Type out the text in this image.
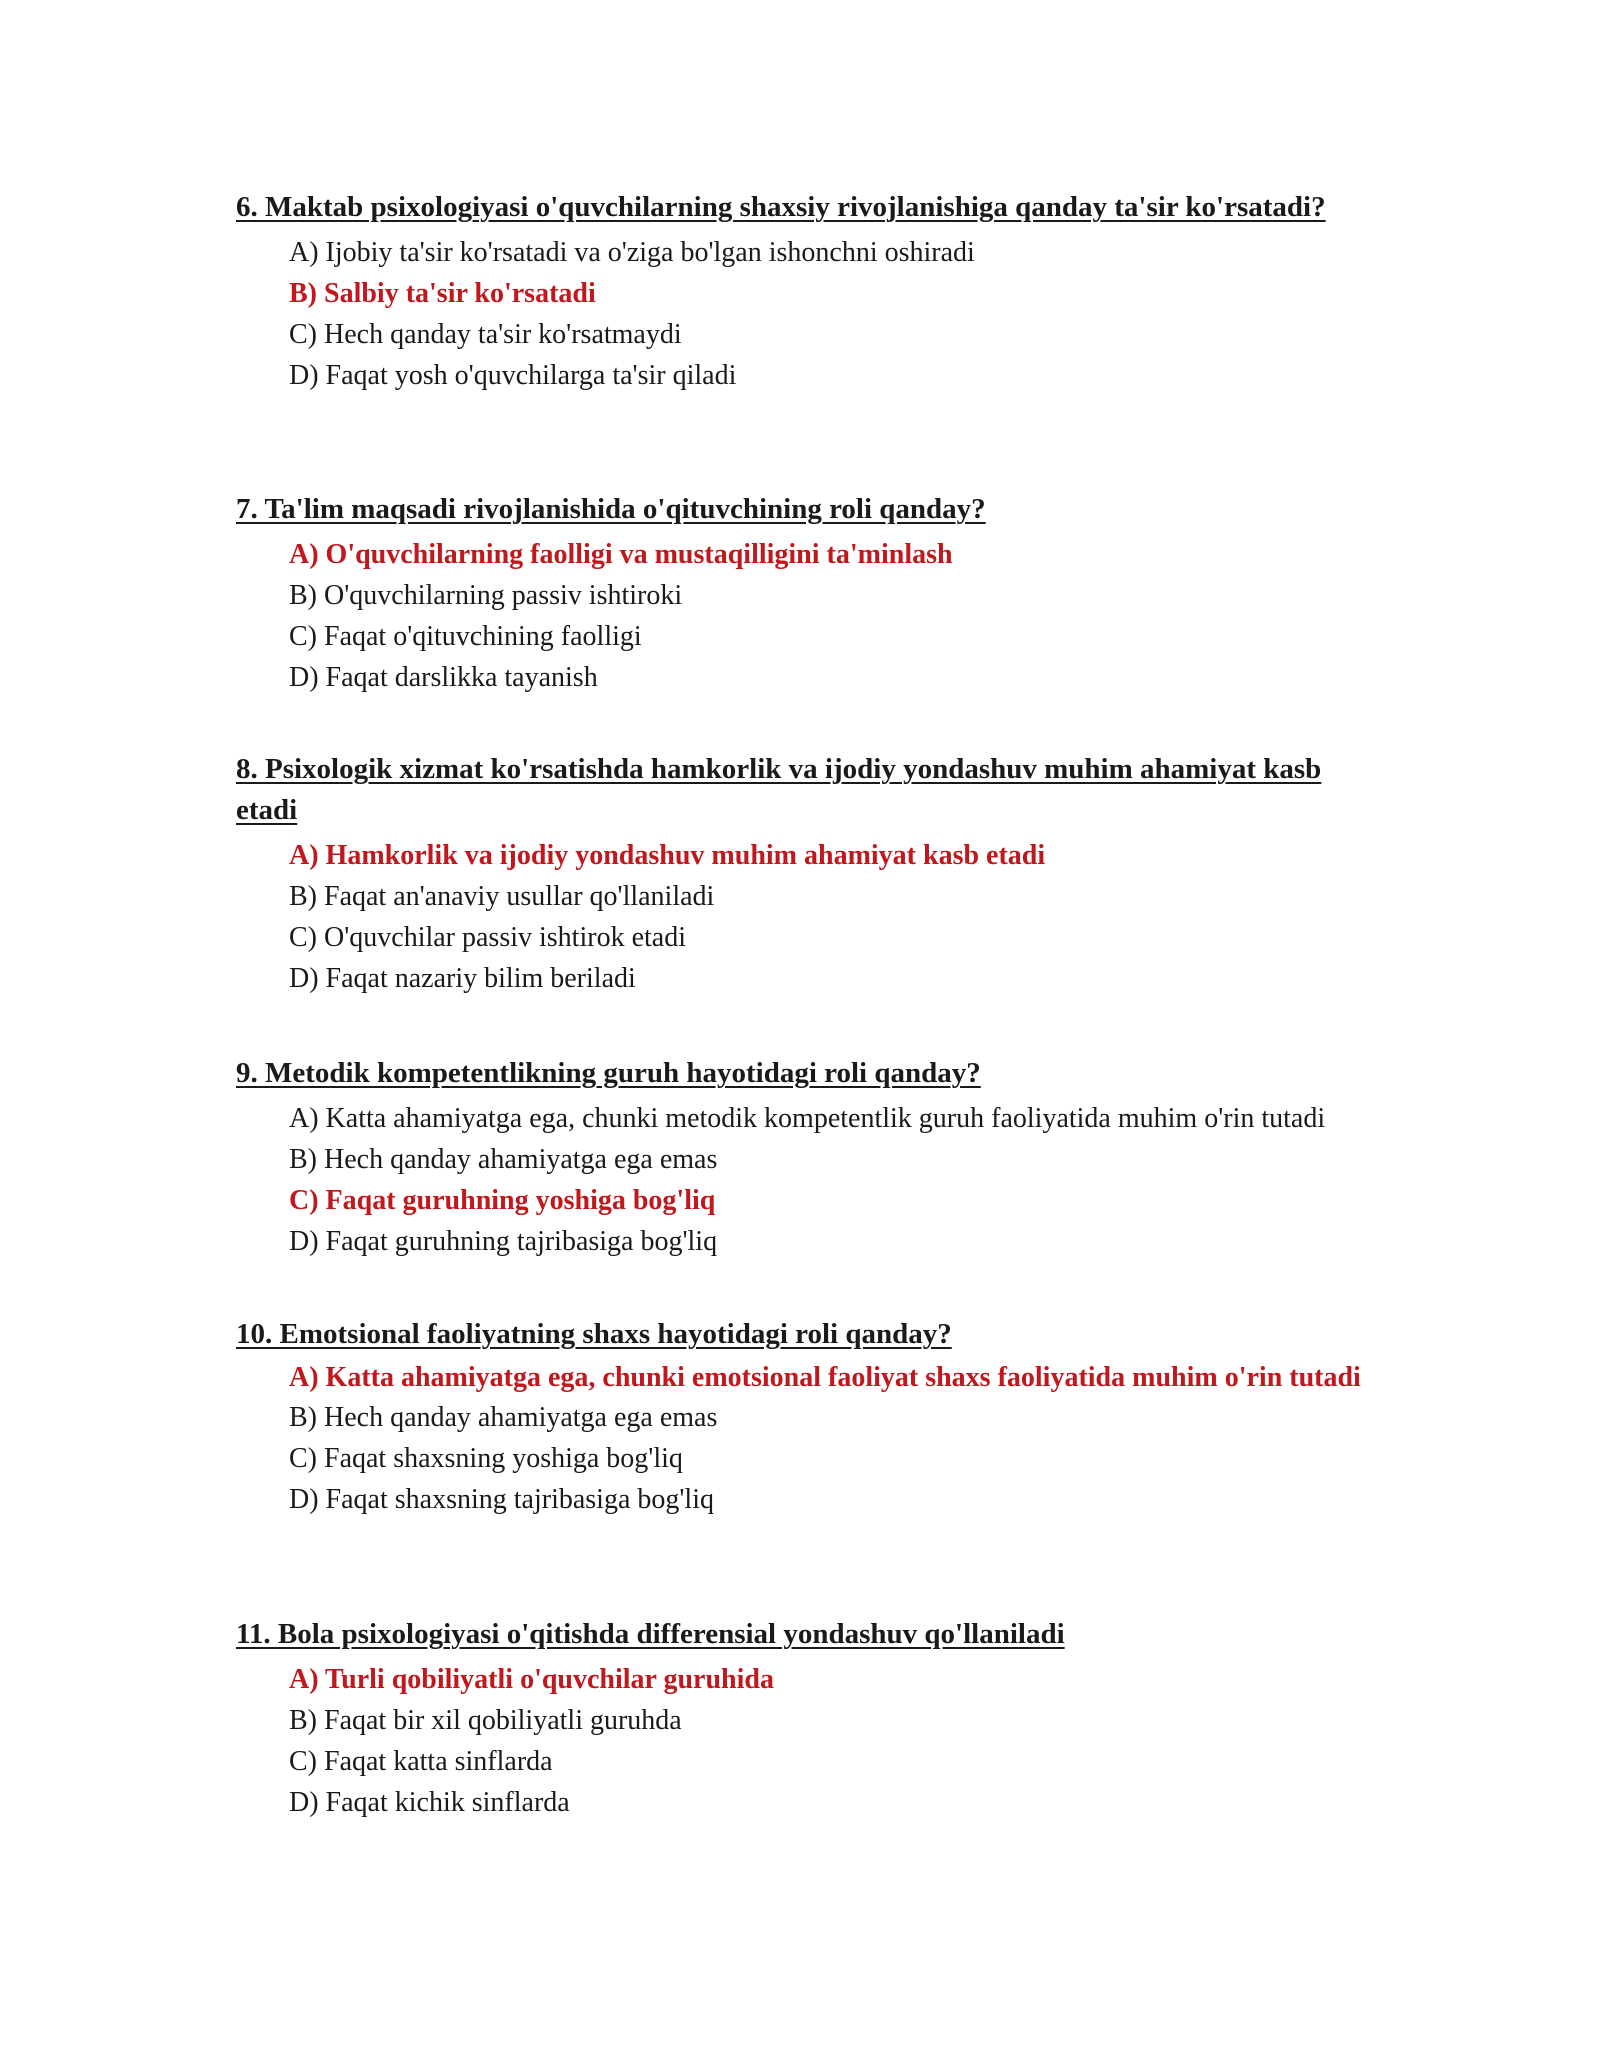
6. Maktab psixologiyasi o'quvchilarning shaxsiy rivojlanishiga qanday ta'sir ko'rsatadi?
A) Ijobiy ta'sir ko'rsatadi va o'ziga bo'lgan ishonchni oshiradi
B) Salbiy ta'sir ko'rsatadi
C) Hech qanday ta'sir ko'rsatmaydi
D) Faqat yosh o'quvchilarga ta'sir qiladi
7. Ta'lim maqsadi rivojlanishida o'qituvchining roli qanday?
A) O'quvchilarning faolligi va mustaqilligini ta'minlash
B) O'quvchilarning passiv ishtiroki
C) Faqat o'qituvchining faolligi
D) Faqat darslikka tayanish
8. Psixologik xizmat ko'rsatishda hamkorlik va ijodiy yondashuv muhim ahamiyat kasb etadi
A) Hamkorlik va ijodiy yondashuv muhim ahamiyat kasb etadi
B) Faqat an'anaviy usullar qo'llaniladi
C) O'quvchilar passiv ishtirok etadi
D) Faqat nazariy bilim beriladi
9. Metodik kompetentlikning guruh hayotidagi roli qanday?
A) Katta ahamiyatga ega, chunki metodik kompetentlik guruh faoliyatida muhim o'rin tutadi
B) Hech qanday ahamiyatga ega emas
C) Faqat guruhning yoshiga bog'liq
D) Faqat guruhning tajribasiga bog'liq
10. Emotsional faoliyatning shaxs hayotidagi roli qanday?
A) Katta ahamiyatga ega, chunki emotsional faoliyat shaxs faoliyatida muhim o'rin tutadi
B) Hech qanday ahamiyatga ega emas
C) Faqat shaxsning yoshiga bog'liq
D) Faqat shaxsning tajribasiga bog'liq
11. Bola psixologiyasi o'qitishda differensial yondashuv qo'llaniladi
A) Turli qobiliyatli o'quvchilar guruhida
B) Faqat bir xil qobiliyatli guruhda
C) Faqat katta sinflarda
D) Faqat kichik sinflarda
